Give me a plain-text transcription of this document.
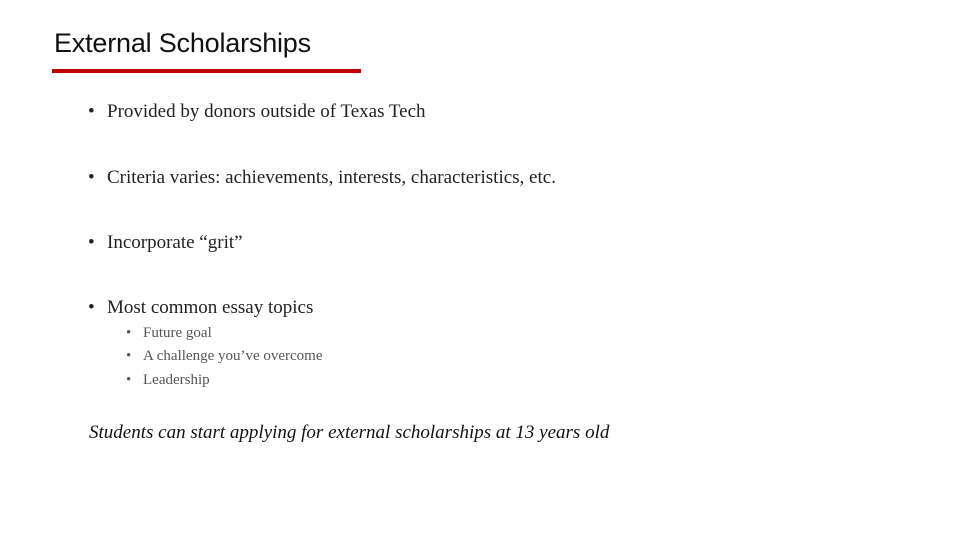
External Scholarships
• Provided by donors outside of Texas Tech
• Criteria varies: achievements, interests, characteristics, etc.
• Incorporate “grit”
• Most common essay topics
• Future goal
• A challenge you’ve overcome
• Leadership
Students can start applying for external scholarships at 13 years old
